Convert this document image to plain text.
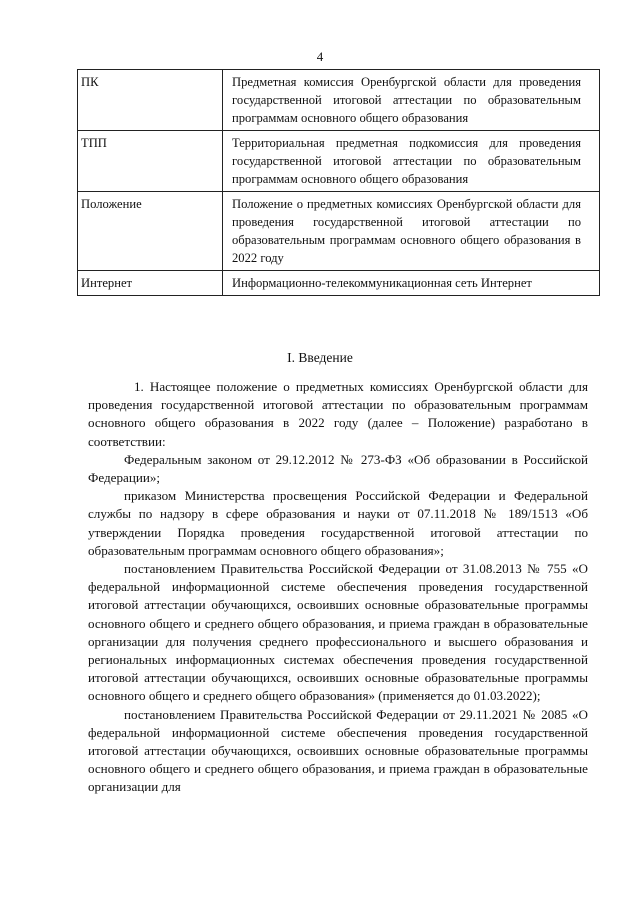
4
ПК	Предметная комиссия Оренбургской области для проведения государственной итоговой аттестации по образовательным программам основного общего образования
ТПП	Территориальная предметная подкомиссия для проведения государственной итоговой аттестации по образовательным программам основного общего образования
Положение	Положение о предметных комиссиях Оренбургской области для проведения государственной итоговой аттестации по образовательным программам основного общего образования в 2022 году
Интернет	Информационно-телекоммуникационная сеть Интернет
I. Введение

1. Настоящее положение о предметных комиссиях Оренбургской области для проведения государственной итоговой аттестации по образовательным программам основного общего образования в 2022 году (далее – Положение) разработано в соответствии:

Федеральным законом от 29.12.2012 № 273-ФЗ «Об образовании в Российской Федерации»;

приказом Министерства просвещения Российской Федерации и Федеральной службы по надзору в сфере образования и науки от 07.11.2018 № 189/1513 «Об утверждении Порядка проведения государственной итоговой аттестации по образовательным программам основного общего образования»;

постановлением Правительства Российской Федерации от 31.08.2013 № 755 «О федеральной информационной системе обеспечения проведения государственной итоговой аттестации обучающихся, освоивших основные образовательные программы основного общего и среднего общего образования, и приема граждан в образовательные организации для получения среднего профессионального и высшего образования и региональных информационных системах обеспечения проведения государственной итоговой аттестации обучающихся, освоивших основные образовательные программы основного общего и среднего общего образования» (применяется до 01.03.2022);

постановлением Правительства Российской Федерации от 29.11.2021 № 2085 «О федеральной информационной системе обеспечения проведения государственной итоговой аттестации обучающихся, освоивших основные образовательные программы основного общего и среднего общего образования, и приема граждан в образовательные организации для
